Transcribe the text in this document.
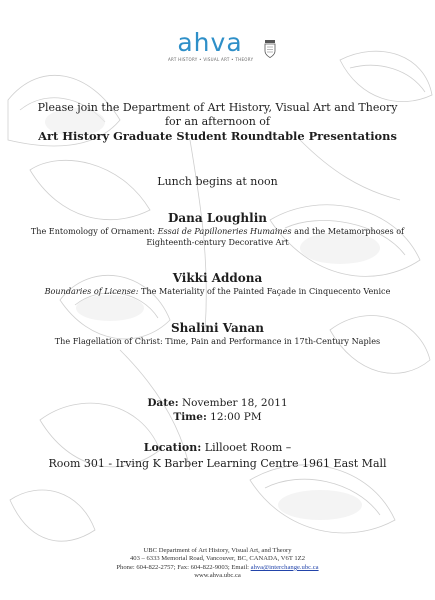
ahva
ART HISTORY • VISUAL ART • THEORY
Please join the Department of Art History, Visual Art and Theory
for an afternoon of
Art History Graduate Student Roundtable Presentations
Lunch begins at noon
Dana Loughlin
The Entomology of Ornament: Essai de Papilloneries Humaines and the Metamorphoses of
Eighteenth-century Decorative Art
Vikki Addona
Boundaries of License: The Materiality of the Painted Façade in Cinquecento Venice
Shalini Vanan
The Flagellation of Christ: Time, Pain and Performance in 17th-Century Naples
Date: November 18, 2011
Time: 12:00 PM
Location: Lillooet Room –
Room 301 - Irving K Barber Learning Centre 1961 East Mall
UBC Department of Art History, Visual Art, and Theory
403 – 6333 Memorial Road, Vancouver, BC, CANADA, V6T 1Z2
Phone: 604-822-2757; Fax: 604-822-9003; Email: ahva@interchange.ubc.ca
www.ahva.ubc.ca
